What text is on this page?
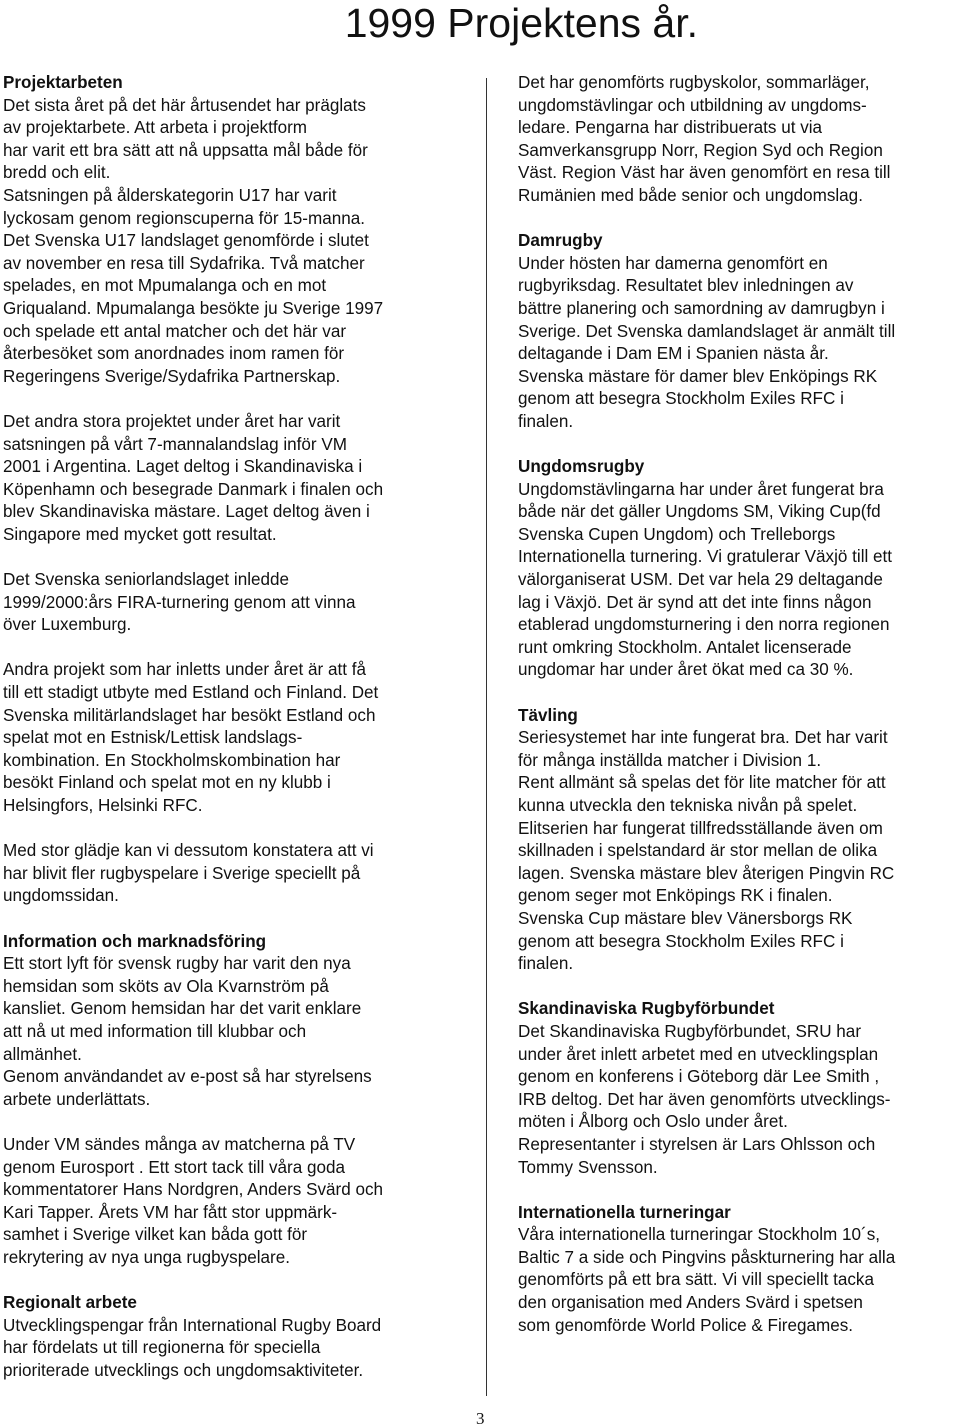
1999 Projektens år.
Projektarbeten
Det sista året på det här årtusendet har präglats
av projektarbete. Att arbeta i projektform
har varit ett bra sätt att nå uppsatta mål både för
bredd och elit.
Satsningen på ålderskategorin U17 har varit
lyckosam genom regionscuperna för 15-manna.
Det Svenska U17 landslaget genomförde i slutet
av november en resa till Sydafrika. Två matcher
spelades, en mot Mpumalanga och en mot
Griqualand. Mpumalanga besökte ju Sverige 1997
och spelade ett antal matcher och det här var
återbesöket som anordnades inom ramen för
Regeringens Sverige/Sydafrika Partnerskap.
Det andra stora projektet under året har varit
satsningen på vårt 7-mannalandslag inför VM
2001 i Argentina. Laget deltog i Skandinaviska i
Köpenhamn och besegrade Danmark i finalen och
blev Skandinaviska mästare. Laget deltog även i
Singapore med mycket gott resultat.
Det Svenska seniorlandslaget inledde
1999/2000:års FIRA-turnering genom att vinna
över Luxemburg.
Andra projekt som har inletts under året är att få
till ett stadigt utbyte med Estland och Finland. Det
Svenska militärlandslaget har besökt Estland och
spelat mot en Estnisk/Lettisk landslags-
kombination. En Stockholmskombination har
besökt Finland och spelat mot en ny klubb i
Helsingfors, Helsinki RFC.
Med stor glädje kan vi dessutom konstatera att vi
har blivit fler rugbyspelare i Sverige speciellt på
ungdomssidan.
Information och marknadsföring
Ett stort lyft för svensk rugby har varit den nya
hemsidan som sköts av Ola Kvarnström på
kansliet. Genom hemsidan har det varit enklare
att nå ut med information till klubbar och
allmänhet.
Genom användandet av e-post så har styrelsens
arbete underlättats.
Under VM sändes många av matcherna på TV
genom Eurosport . Ett stort tack till våra goda
kommentatorer Hans Nordgren, Anders Svärd och
Kari Tapper. Årets VM har fått stor uppmärk-
samhet i Sverige vilket kan båda gott för
rekrytering av nya unga rugbyspelare.
Regionalt arbete
Utvecklingspengar från International Rugby Board
har fördelats ut till regionerna för speciella
prioriterade utvecklings och ungdomsaktiviteter.
Det har genomförts rugbyskolor, sommarläger,
ungdomstävlingar och utbildning av ungdoms-
ledare. Pengarna har distribuerats ut via
Samverkansgrupp Norr, Region Syd och Region
Väst. Region Väst har även genomfört en resa till
Rumänien med både senior och ungdomslag.
Damrugby
Under hösten har damerna genomfört en
rugbyriksdag. Resultatet blev inledningen av
bättre planering och samordning av damrugbyn i
Sverige. Det Svenska damlandslaget är anmält till
deltagande i Dam EM i Spanien nästa år.
Svenska mästare för damer blev Enköpings RK
genom att besegra Stockholm Exiles RFC i
finalen.
Ungdomsrugby
Ungdomstävlingarna har under året fungerat bra
både när det gäller Ungdoms SM, Viking Cup(fd
Svenska Cupen Ungdom) och Trelleborgs
Internationella turnering. Vi gratulerar Växjö till ett
välorganiserat USM. Det var hela 29 deltagande
lag i Växjö. Det är synd att det inte finns någon
etablerad ungdomsturnering i den norra regionen
runt omkring Stockholm. Antalet licenserade
ungdomar har under året ökat med ca 30 %.
Tävling
Seriesystemet har inte fungerat bra. Det har varit
för många inställda matcher i Division 1.
Rent allmänt så spelas det för lite matcher för att
kunna utveckla den tekniska nivån på spelet.
Elitserien har fungerat tillfredsställande även om
skillnaden i spelstandard är stor mellan de olika
lagen. Svenska mästare blev återigen Pingvin RC
genom seger mot Enköpings RK i finalen.
Svenska Cup mästare blev Vänersborgs RK
genom att besegra Stockholm Exiles RFC i
finalen.
Skandinaviska Rugbyförbundet
Det Skandinaviska Rugbyförbundet, SRU har
under året inlett arbetet med en utvecklingsplan
genom en konferens i Göteborg där Lee Smith ,
IRB deltog. Det har även genomförts utvecklings-
möten i Ålborg och Oslo under året.
Representanter i styrelsen är Lars Ohlsson och
Tommy Svensson.
Internationella turneringar
Våra internationella turneringar Stockholm 10´s,
Baltic 7 a side och Pingvins påskturnering har alla
genomförts på ett bra sätt. Vi vill speciellt tacka
den organisation med Anders Svärd i spetsen
som genomförde World Police & Firegames.
3
